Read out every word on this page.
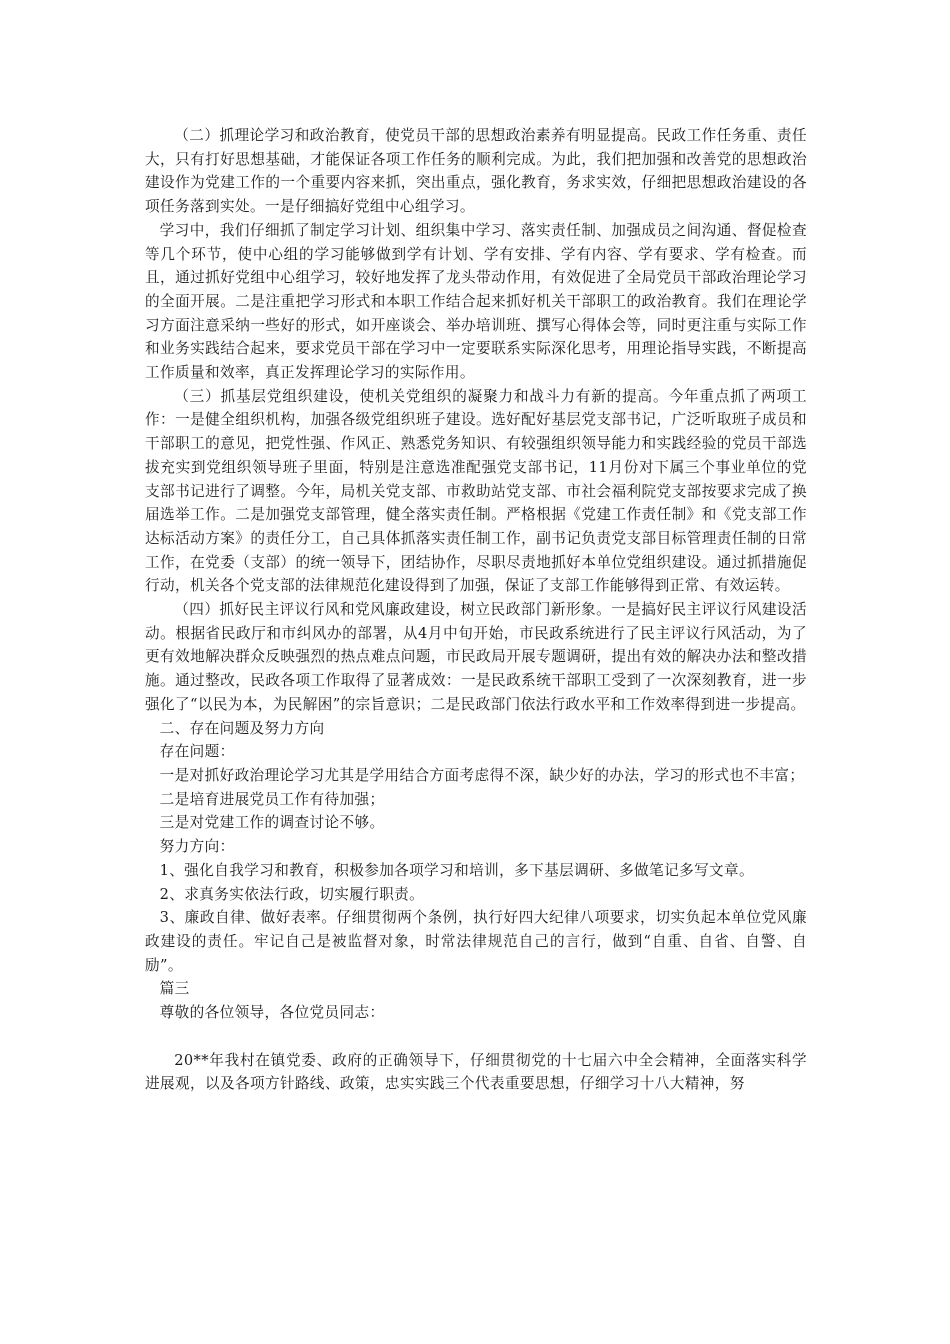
（二）抓理论学习和政治教育，使党员干部的思想政治素养有明显提高。民政工作任务重、责任大，只有打好思想基础，才能保证各项工作任务的顺利完成。为此，我们把加强和改善党的思想政治建设作为党建工作的一个重要内容来抓，突出重点，强化教育，务求实效，仔细把思想政治建设的各项任务落到实处。一是仔细搞好党组中心组学习。

学习中，我们仔细抓了制定学习计划、组织集中学习、落实责任制、加强成员之间沟通、督促检查等几个环节，使中心组的学习能够做到学有计划、学有安排、学有内容、学有要求、学有检查。而且，通过抓好党组中心组学习，较好地发挥了龙头带动作用，有效促进了全局党员干部政治理论学习的全面开展。二是注重把学习形式和本职工作结合起来抓好机关干部职工的政治教育。我们在理论学习方面注意采纳一些好的形式，如开座谈会、举办培训班、撰写心得体会等，同时更注重与实际工作和业务实践结合起来，要求党员干部在学习中一定要联系实际深化思考，用理论指导实践，不断提高工作质量和效率，真正发挥理论学习的实际作用。

（三）抓基层党组织建设，使机关党组织的凝聚力和战斗力有新的提高。今年重点抓了两项工作：一是健全组织机构，加强各级党组织班子建设。选好配好基层党支部书记，广泛听取班子成员和干部职工的意见，把党性强、作风正、熟悉党务知识、有较强组织领导能力和实践经验的党员干部选拔充实到党组织领导班子里面，特别是注意选准配强党支部书记，11月份对下属三个事业单位的党支部书记进行了调整。今年，局机关党支部、市救助站党支部、市社会福利院党支部按要求完成了换届选举工作。二是加强党支部管理，健全落实责任制。严格根据《党建工作责任制》和《党支部工作达标活动方案》的责任分工，自己具体抓落实责任制工作，副书记负责党支部目标管理责任制的日常工作，在党委（支部）的统一领导下，团结协作，尽职尽责地抓好本单位党组织建设。通过抓措施促行动，机关各个党支部的法律规范化建设得到了加强，保证了支部工作能够得到正常、有效运转。

（四）抓好民主评议行风和党风廉政建设，树立民政部门新形象。一是搞好民主评议行风建设活动。根据省民政厅和市纠风办的部署，从4月中旬开始，市民政系统进行了民主评议行风活动，为了更有效地解决群众反映强烈的热点难点问题，市民政局开展专题调研，提出有效的解决办法和整改措施。通过整改，民政各项工作取得了显著成效：一是民政系统干部职工受到了一次深刻教育，进一步强化了“以民为本，为民解困”的宗旨意识；二是民政部门依法行政水平和工作效率得到进一步提高。

二、存在问题及努力方向

存在问题：

一是对抓好政治理论学习尤其是学用结合方面考虑得不深，缺少好的办法，学习的形式也不丰富；

二是培育进展党员工作有待加强；

三是对党建工作的调查讨论不够。

努力方向：

1、强化自我学习和教育，积极参加各项学习和培训，多下基层调研、多做笔记多写文章。

2、求真务实依法行政，切实履行职责。

3、廉政自律、做好表率。仔细贯彻两个条例，执行好四大纪律八项要求，切实负起本单位党风廉政建设的责任。牢记自己是被监督对象，时常法律规范自己的言行，做到“自重、自省、自警、自励”。

篇三

尊敬的各位领导，各位党员同志：

20**年我村在镇党委、政府的正确领导下，仔细贯彻党的十七届六中全会精神，全面落实科学进展观，以及各项方针路线、政策，忠实实践三个代表重要思想，仔细学习十八大精神，努
